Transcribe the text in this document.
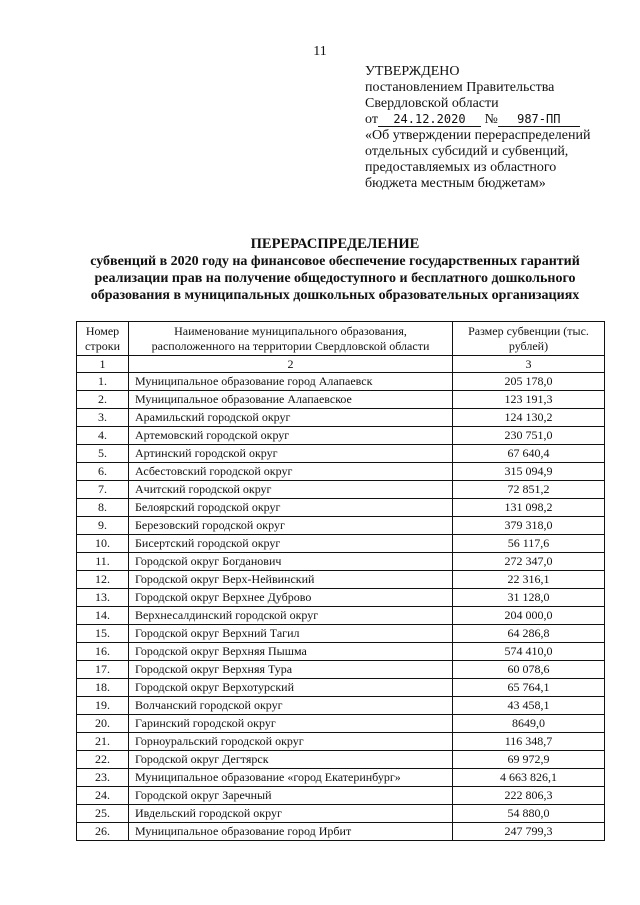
11
УТВЕРЖДЕНО
постановлением Правительства
Свердловской области
от 24.12.2020 № 987-ПП
«Об утверждении перераспределений
отдельных субсидий и субвенций,
предоставляемых из областного
бюджета местным бюджетам»
ПЕРЕРАСПРЕДЕЛЕНИЕ
субвенций в 2020 году на финансовое обеспечение государственных гарантий
реализации прав на получение общедоступного и бесплатного дошкольного
образования в муниципальных дошкольных образовательных организациях
Номер строки	Наименование муниципального образования, расположенного на территории Свердловской области	Размер субвенции (тыс. рублей)
1	2	3
1.	Муниципальное образование город Алапаевск	205 178,0
2.	Муниципальное образование Алапаевское	123 191,3
3.	Арамильский городской округ	124 130,2
4.	Артемовский городской округ	230 751,0
5.	Артинский городской округ	67 640,4
6.	Асбестовский городской округ	315 094,9
7.	Ачитский городской округ	72 851,2
8.	Белоярский городской округ	131 098,2
9.	Березовский городской округ	379 318,0
10.	Бисертский городской округ	56 117,6
11.	Городской округ Богданович	272 347,0
12.	Городской округ Верх-Нейвинский	22 316,1
13.	Городской округ Верхнее Дуброво	31 128,0
14.	Верхнесалдинский городской округ	204 000,0
15.	Городской округ Верхний Тагил	64 286,8
16.	Городской округ Верхняя Пышма	574 410,0
17.	Городской округ Верхняя Тура	60 078,6
18.	Городской округ Верхотурский	65 764,1
19.	Волчанский городской округ	43 458,1
20.	Гаринский городской округ	8649,0
21.	Горноуральский городской округ	116 348,7
22.	Городской округ Дегтярск	69 972,9
23.	Муниципальное образование «город Екатеринбург»	4 663 826,1
24.	Городской округ Заречный	222 806,3
25.	Ивдельский городской округ	54 880,0
26.	Муниципальное образование город Ирбит	247 799,3
